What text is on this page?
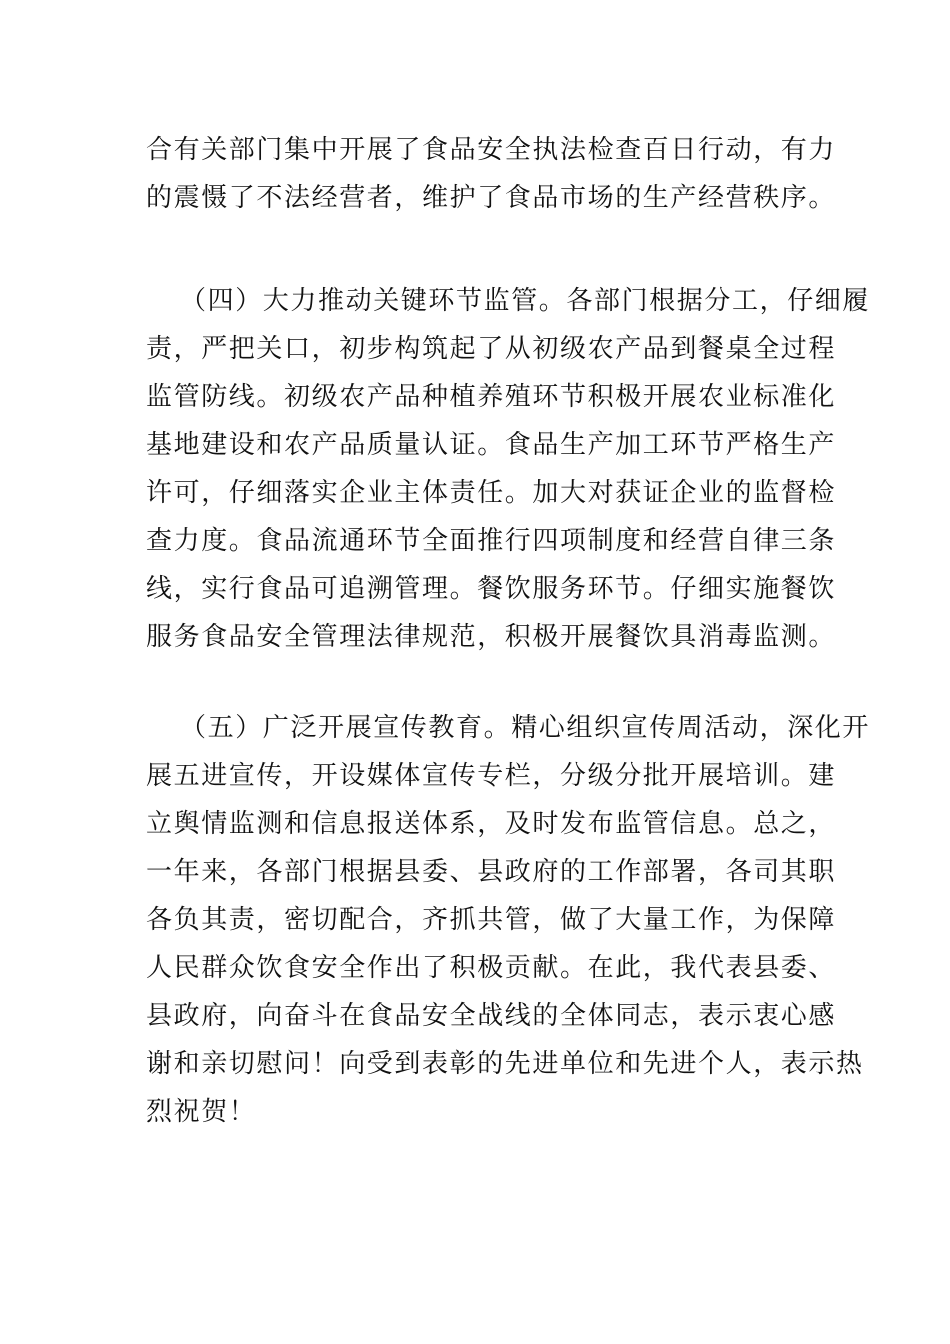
合有关部门集中开展了食品安全执法检查百日行动，有力
的震慑了不法经营者，维护了食品市场的生产经营秩序。

（四）大力推动关键环节监管。各部门根据分工，仔细履
责，严把关口，初步构筑起了从初级农产品到餐桌全过程
监管防线。初级农产品种植养殖环节积极开展农业标准化
基地建设和农产品质量认证。食品生产加工环节严格生产
许可，仔细落实企业主体责任。加大对获证企业的监督检
查力度。食品流通环节全面推行四项制度和经营自律三条
线，实行食品可追溯管理。餐饮服务环节。仔细实施餐饮
服务食品安全管理法律规范，积极开展餐饮具消毒监测。

（五）广泛开展宣传教育。精心组织宣传周活动，深化开
展五进宣传，开设媒体宣传专栏，分级分批开展培训。建
立舆情监测和信息报送体系，及时发布监管信息。总之，
一年来，各部门根据县委、县政府的工作部署，各司其职
各负其责，密切配合，齐抓共管，做了大量工作，为保障
人民群众饮食安全作出了积极贡献。在此，我代表县委、
县政府，向奋斗在食品安全战线的全体同志，表示衷心感
谢和亲切慰问！向受到表彰的先进单位和先进个人，表示热
烈祝贺！
